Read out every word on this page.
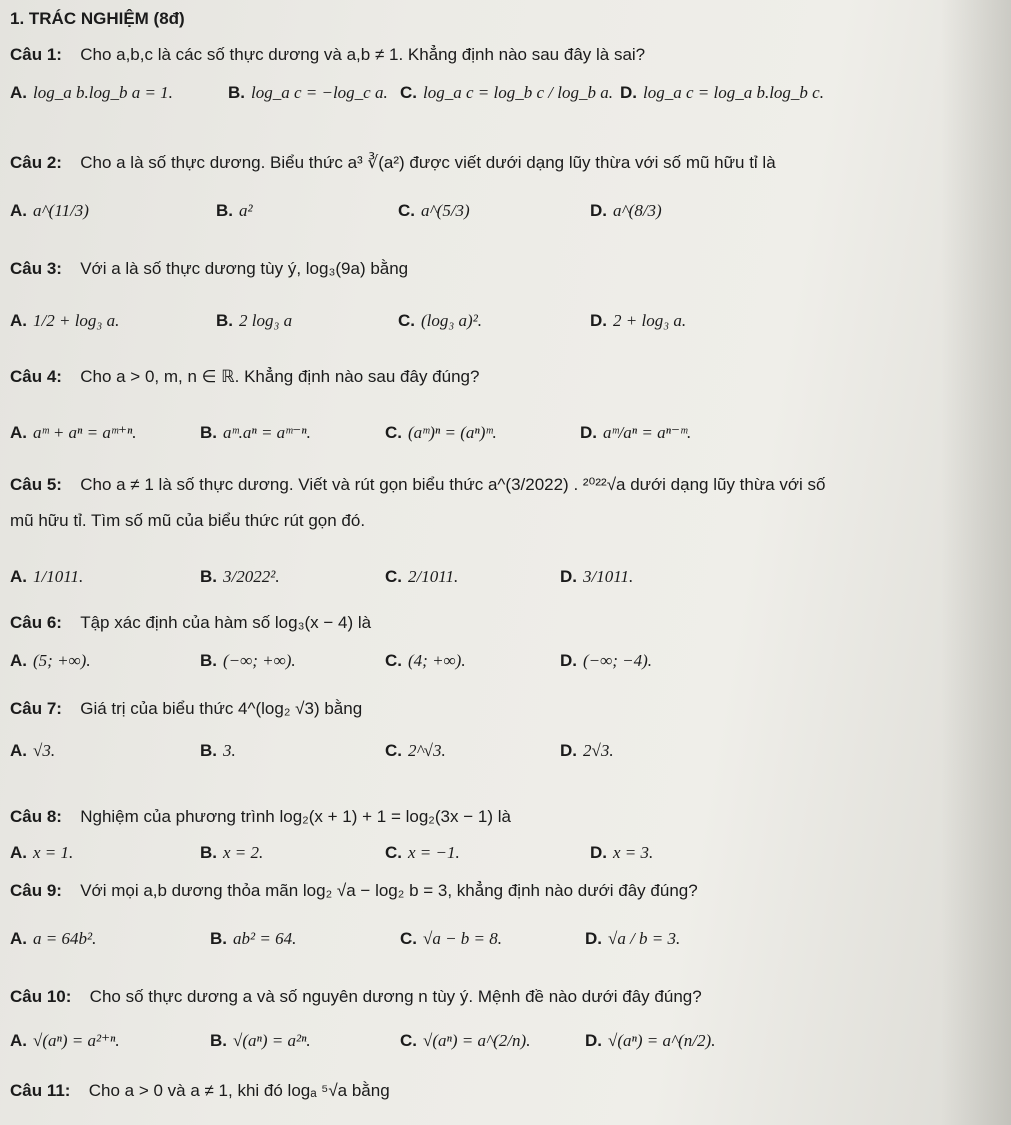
1. TRÁC NGHIỆM (8đ)
Câu 1: Cho a,b,c là các số thực dương và a,b ≠ 1. Khẳng định nào sau đây là sai?
A. log_a b.log_b a = 1.	B. log_a c = −log_c a. C. log_a c = log_b c / log_b a. D. log_a c = log_a b.log_b c.
Câu 2: Cho a là số thực dương. Biểu thức a³ ∛(a²) được viết dưới dạng lũy thừa với số mũ hữu tỉ là
A. a^(11/3)	B. a²	C. a^(5/3)	D. a^(8/3)
Câu 3: Với a là số thực dương tùy ý, log₃(9a) bằng
A. 1/2 + log₃ a.	B. 2 log₃ a	C. (log₃ a)².	D. 2 + log₃ a.
Câu 4: Cho a > 0, m, n ∈ ℝ. Khẳng định nào sau đây đúng?
A. aᵐ + aⁿ = aᵐ⁺ⁿ.	B. aᵐ.aⁿ = aᵐ⁻ⁿ.	C. (aᵐ)ⁿ = (aⁿ)ᵐ.	D. aᵐ/aⁿ = aⁿ⁻ᵐ.
Câu 5: Cho a ≠ 1 là số thực dương. Viết và rút gọn biểu thức a^(3/2022) . ²⁰²²√a dưới dạng lũy thừa với số
mũ hữu tỉ. Tìm số mũ của biểu thức rút gọn đó.
A. 1/1011.	B. 3/2022².	C. 2/1011.	D. 3/1011.
Câu 6: Tập xác định của hàm số log₃(x − 4) là
A. (5; +∞).	B. (−∞; +∞).	C. (4; +∞).	D. (−∞; −4).
Câu 7: Giá trị của biểu thức 4^(log₂ √3) bằng
A. √3.	B. 3.	C. 2^√3.	D. 2√3.
Câu 8: Nghiệm của phương trình log₂(x + 1) + 1 = log₂(3x − 1) là
A. x = 1.	B. x = 2.	C. x = −1.	D. x = 3.
Câu 9: Với mọi a,b dương thỏa mãn log₂ √a − log₂ b = 3, khẳng định nào dưới đây đúng?
A. a = 64b².	B. ab² = 64.	C. √a − b = 8.	D. √a / b = 3.
Câu 10: Cho số thực dương a và số nguyên dương n tùy ý. Mệnh đề nào dưới đây đúng?
A. √(aⁿ) = a²⁺ⁿ.	B. √(aⁿ) = a²ⁿ.	C. √(aⁿ) = a^(2/n).	D. √(aⁿ) = a^(n/2).
Câu 11: Cho a > 0 và a ≠ 1, khi đó logₐ ⁵√a bằng
